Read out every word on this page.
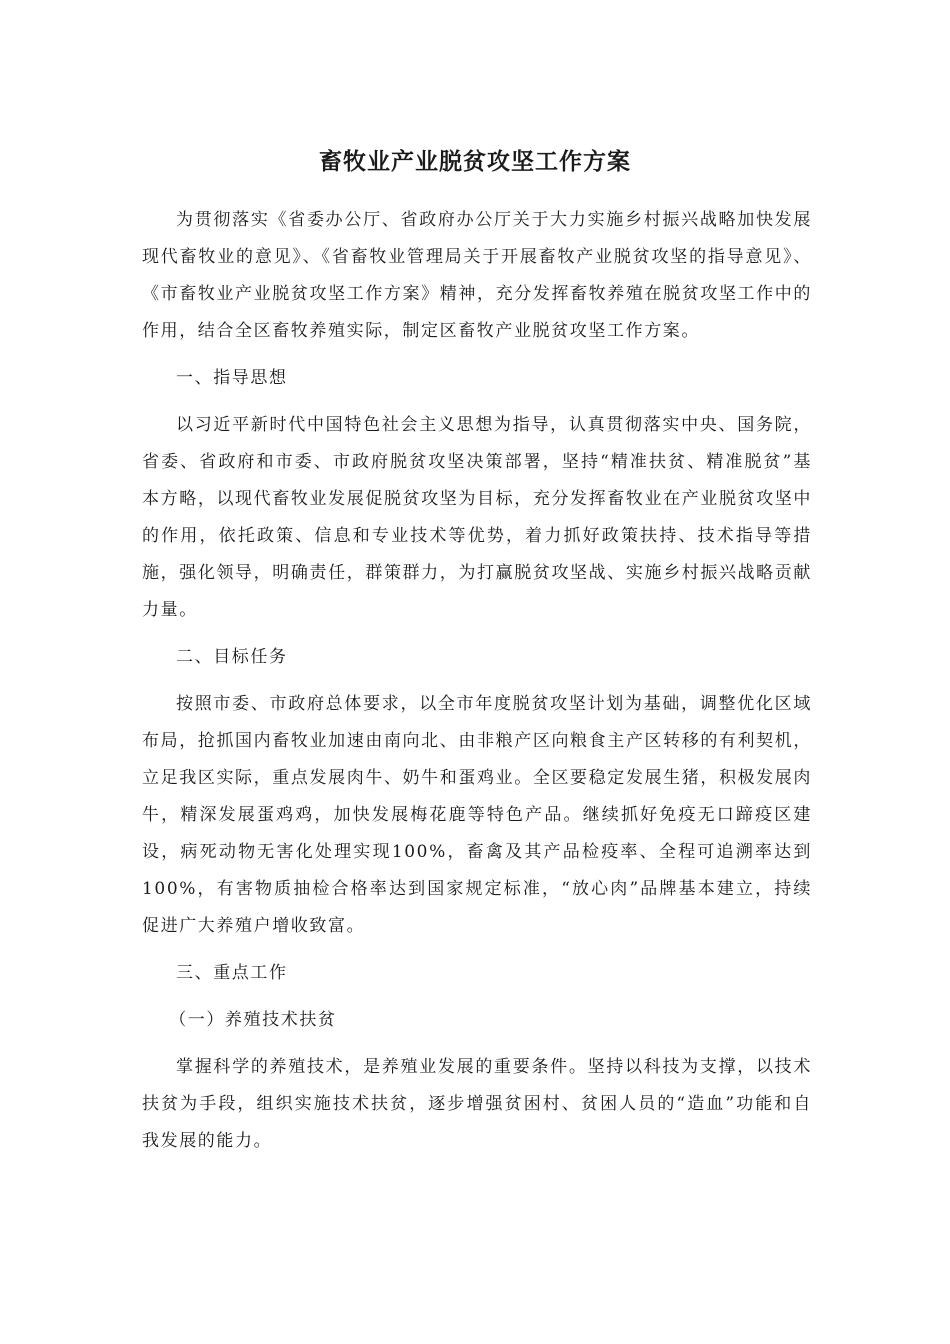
畜牧业产业脱贫攻坚工作方案

为贯彻落实《省委办公厅、省政府办公厅关于大力实施乡村振兴战略加快发展现代畜牧业的意见》、《省畜牧业管理局关于开展畜牧产业脱贫攻坚的指导意见》、《市畜牧业产业脱贫攻坚工作方案》精神，充分发挥畜牧养殖在脱贫攻坚工作中的作用，结合全区畜牧养殖实际，制定区畜牧产业脱贫攻坚工作方案。

一、指导思想

以习近平新时代中国特色社会主义思想为指导，认真贯彻落实中央、国务院，省委、省政府和市委、市政府脱贫攻坚决策部署，坚持“精准扶贫、精准脱贫”基本方略，以现代畜牧业发展促脱贫攻坚为目标，充分发挥畜牧业在产业脱贫攻坚中的作用，依托政策、信息和专业技术等优势，着力抓好政策扶持、技术指导等措施，强化领导，明确责任，群策群力，为打赢脱贫攻坚战、实施乡村振兴战略贡献力量。

二、目标任务

按照市委、市政府总体要求，以全市年度脱贫攻坚计划为基础，调整优化区域布局，抢抓国内畜牧业加速由南向北、由非粮产区向粮食主产区转移的有利契机，立足我区实际，重点发展肉牛、奶牛和蛋鸡业。全区要稳定发展生猪，积极发展肉牛，精深发展蛋鸡鸡，加快发展梅花鹿等特色产品。继续抓好免疫无口蹄疫区建设，病死动物无害化处理实现100%，畜禽及其产品检疫率、全程可追溯率达到100%，有害物质抽检合格率达到国家规定标准，“放心肉”品牌基本建立，持续促进广大养殖户增收致富。

三、重点工作

（一）养殖技术扶贫

掌握科学的养殖技术，是养殖业发展的重要条件。坚持以科技为支撑，以技术扶贫为手段，组织实施技术扶贫，逐步增强贫困村、贫困人员的“造血”功能和自我发展的能力。
